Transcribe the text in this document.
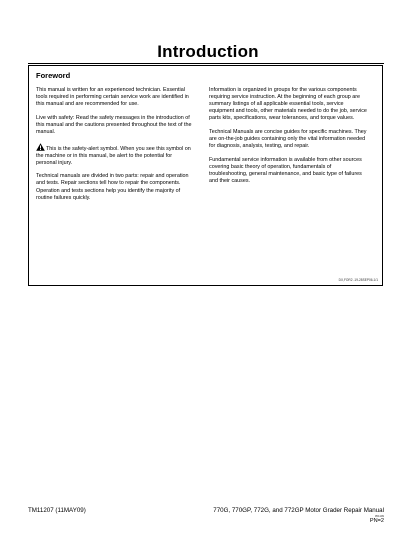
Introduction
Foreword

This manual is written for an experienced technician. Essential tools required in performing certain service work are identified in this manual and are recommended for use.

Live with safety: Read the safety messages in the introduction of this manual and the cautions presented throughout the text of the manual.

This is the safety-alert symbol. When you see this symbol on the machine or in this manual, be alert to the potential for personal injury.

Technical manuals are divided in two parts: repair and operation and tests. Repair sections tell how to repair the components. Operation and tests sections help you identify the majority of routine failures quickly.

Information is organized in groups for the various components requiring service instruction. At the beginning of each group are summary listings of all applicable essential tools, service equipment and tools, other materials needed to do the job, service parts kits, specifications, wear tolerances, and torque values.

Technical Manuals are concise guides for specific machines. They are on-the-job guides containing only the vital information needed for diagnosis, analysis, testing, and repair.

Fundamental service information is available from other sources covering basic theory of operation, fundamentals of troubleshooting, general maintenance, and basic type of failures and their causes.

DX,FOR2 -19-28SEP06-1/1
TM11207 (11MAY09)	770G, 770GP, 772G, and 772GP Motor Grader Repair Manual
051109
PN=2
